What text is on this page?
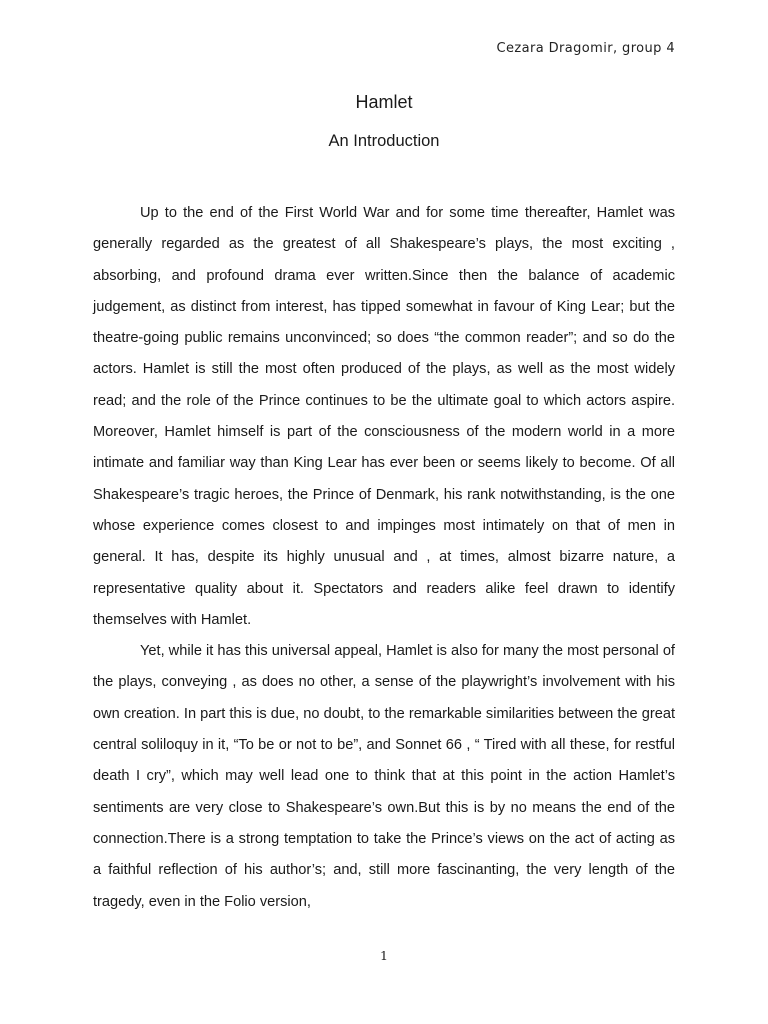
Cezara Dragomir, group 4
Hamlet
An Introduction

Up to the end of the First World War and for some time thereafter, Hamlet was generally regarded as the greatest of all Shakespeare’s plays, the most exciting , absorbing, and profound drama ever written.Since then the balance of academic judgement, as distinct from interest, has tipped somewhat in favour of King Lear; but the theatre-going public remains unconvinced; so does “the common reader”; and so do the actors. Hamlet is still the most often produced of the plays, as well as the most widely read; and the role of the Prince continues to be the ultimate goal to which actors aspire. Moreover, Hamlet himself is part of the consciousness of the modern world in a more intimate and familiar way than King Lear has ever been or seems likely to become. Of all Shakespeare’s tragic heroes, the Prince of Denmark, his rank notwithstanding, is the one whose experience comes closest to and impinges most intimately on that of men in general. It has, despite its highly unusual and , at times, almost bizarre nature, a representative quality about it. Spectators and readers alike feel drawn to identify themselves with Hamlet.

Yet, while it has this universal appeal, Hamlet is also for many the most personal of the plays, conveying , as does no other, a sense of the playwright’s involvement with his own creation. In part this is due, no doubt, to the remarkable similarities between the great central soliloquy in it, “To be or not to be”, and Sonnet 66 , “ Tired with all these, for restful death I cry”, which may well lead one to think that at this point in the action Hamlet’s sentiments are very close to Shakespeare’s own.But this is by no means the end of the connection.There is a strong temptation to take the Prince’s views on the act of acting as a faithful reflection of his author’s; and, still more fascinanting, the very length of the tragedy, even in the Folio version,

1
